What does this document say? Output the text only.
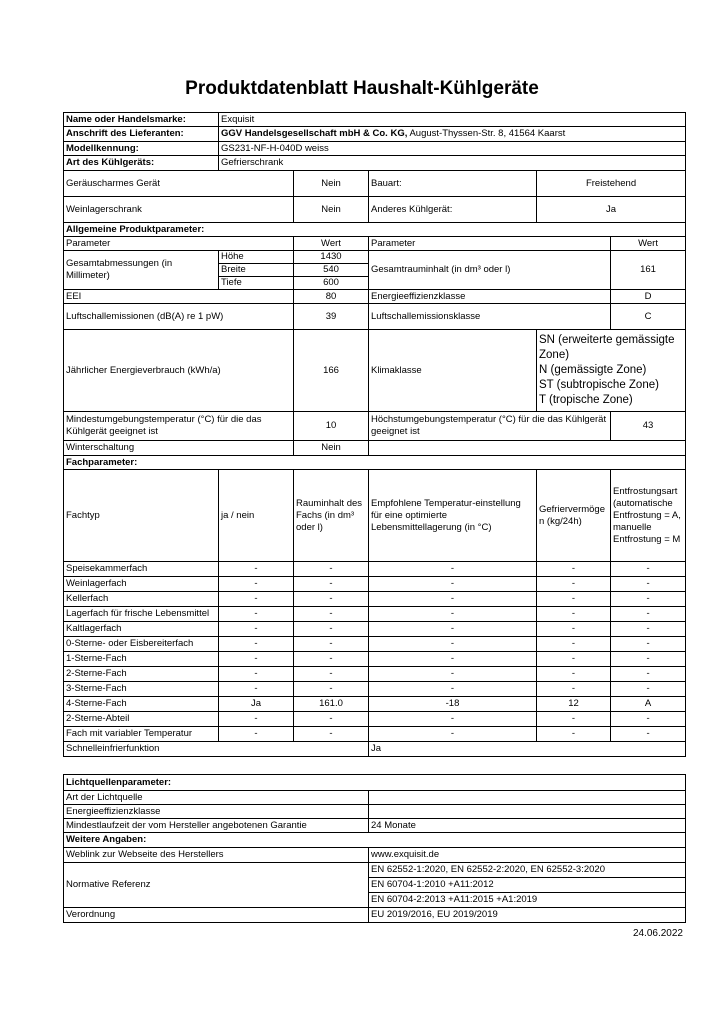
Produktdatenblatt Haushalt-Kühlgeräte
Name oder Handelsmarke:	Exquisit				
Anschrift des Lieferanten:	GGV Handelsgesellschaft mbH & Co. KG, August-Thyssen-Str. 8, 41564 Kaarst				
Modellkennung:	GS231-NF-H-040D weiss				
Art des Kühlgeräts:	Gefrierschrank				
Geräuscharmes Gerät		Nein	Bauart:	Freistehend	
Weinlagerschrank		Nein	Anderes Kühlgerät:	Ja	
Allgemeine Produktparameter:					
Parameter		Wert	Parameter		Wert
Gesamtabmessungen (in Millimeter)	Höhe	1430	Gesamtrauminhalt (in dm³ oder l)		161
	Breite	540			
	Tiefe	600			
EEI		80	Energieeffizienzklasse		D
Luftschallemissionen (dB(A) re 1 pW)		39	Luftschallemissionsklasse		C
Jährlicher Energieverbrauch (kWh/a)		166	Klimaklasse	SN (erweiterte gemässigte Zone)
N (gemässigte Zone)
ST (subtropische Zone)
T (tropische Zone)	

Mindestumgebungstemperatur (°C) für die das Kühlgerät geeignet ist		10	Höchstumgebungstemperatur (°C) für die das Kühlgerät geeignet ist		43
Winterschaltung		Nein			
Fachparameter:					
Fachtyp	ja / nein	Rauminhalt des Fachs (in dm³ oder l)	Empfohlene Temperatur-einstellung für eine optimierte Lebensmittellagerung (in °C)	Gefriervermöge n (kg/24h)	Entfrostungsart (automatische Entfrostung = A, manuelle Entfrostung = M
Speisekammerfach	-	-	-	-	-
Weinlagerfach	-	-	-	-	-
Kellerfach	-	-	-	-	-
Lagerfach für frische Lebensmittel	-	-	-	-	-
Kaltlagerfach	-	-	-	-	-
0-Sterne- oder Eisbereiterfach	-	-	-	-	-
1-Sterne-Fach	-	-	-	-	-
2-Sterne-Fach	-	-	-	-	-
3-Sterne-Fach	-	-	-	-	-
4-Sterne-Fach	Ja	161.0	-18	12	A
2-Sterne-Abteil	-	-	-	-	-
Fach mit variabler Temperatur	-	-	-	-	-
Schnelleinfrierfunktion			Ja		
Lichtquellenparameter:	
Art der Lichtquelle	
Energieeffizienzklasse	
Mindestlaufzeit der vom Hersteller angebotenen Garantie	24 Monate
Weitere Angaben:	
Weblink zur Webseite des Herstellers	www.exquisit.de
Normative Referenz	EN 62552-1:2020, EN 62552-2:2020, EN 62552-3:2020
	EN 60704-1:2010 +A11:2012
	EN 60704-2:2013 +A11:2015 +A1:2019
Verordnung	EU 2019/2016, EU 2019/2019
24.06.2022
